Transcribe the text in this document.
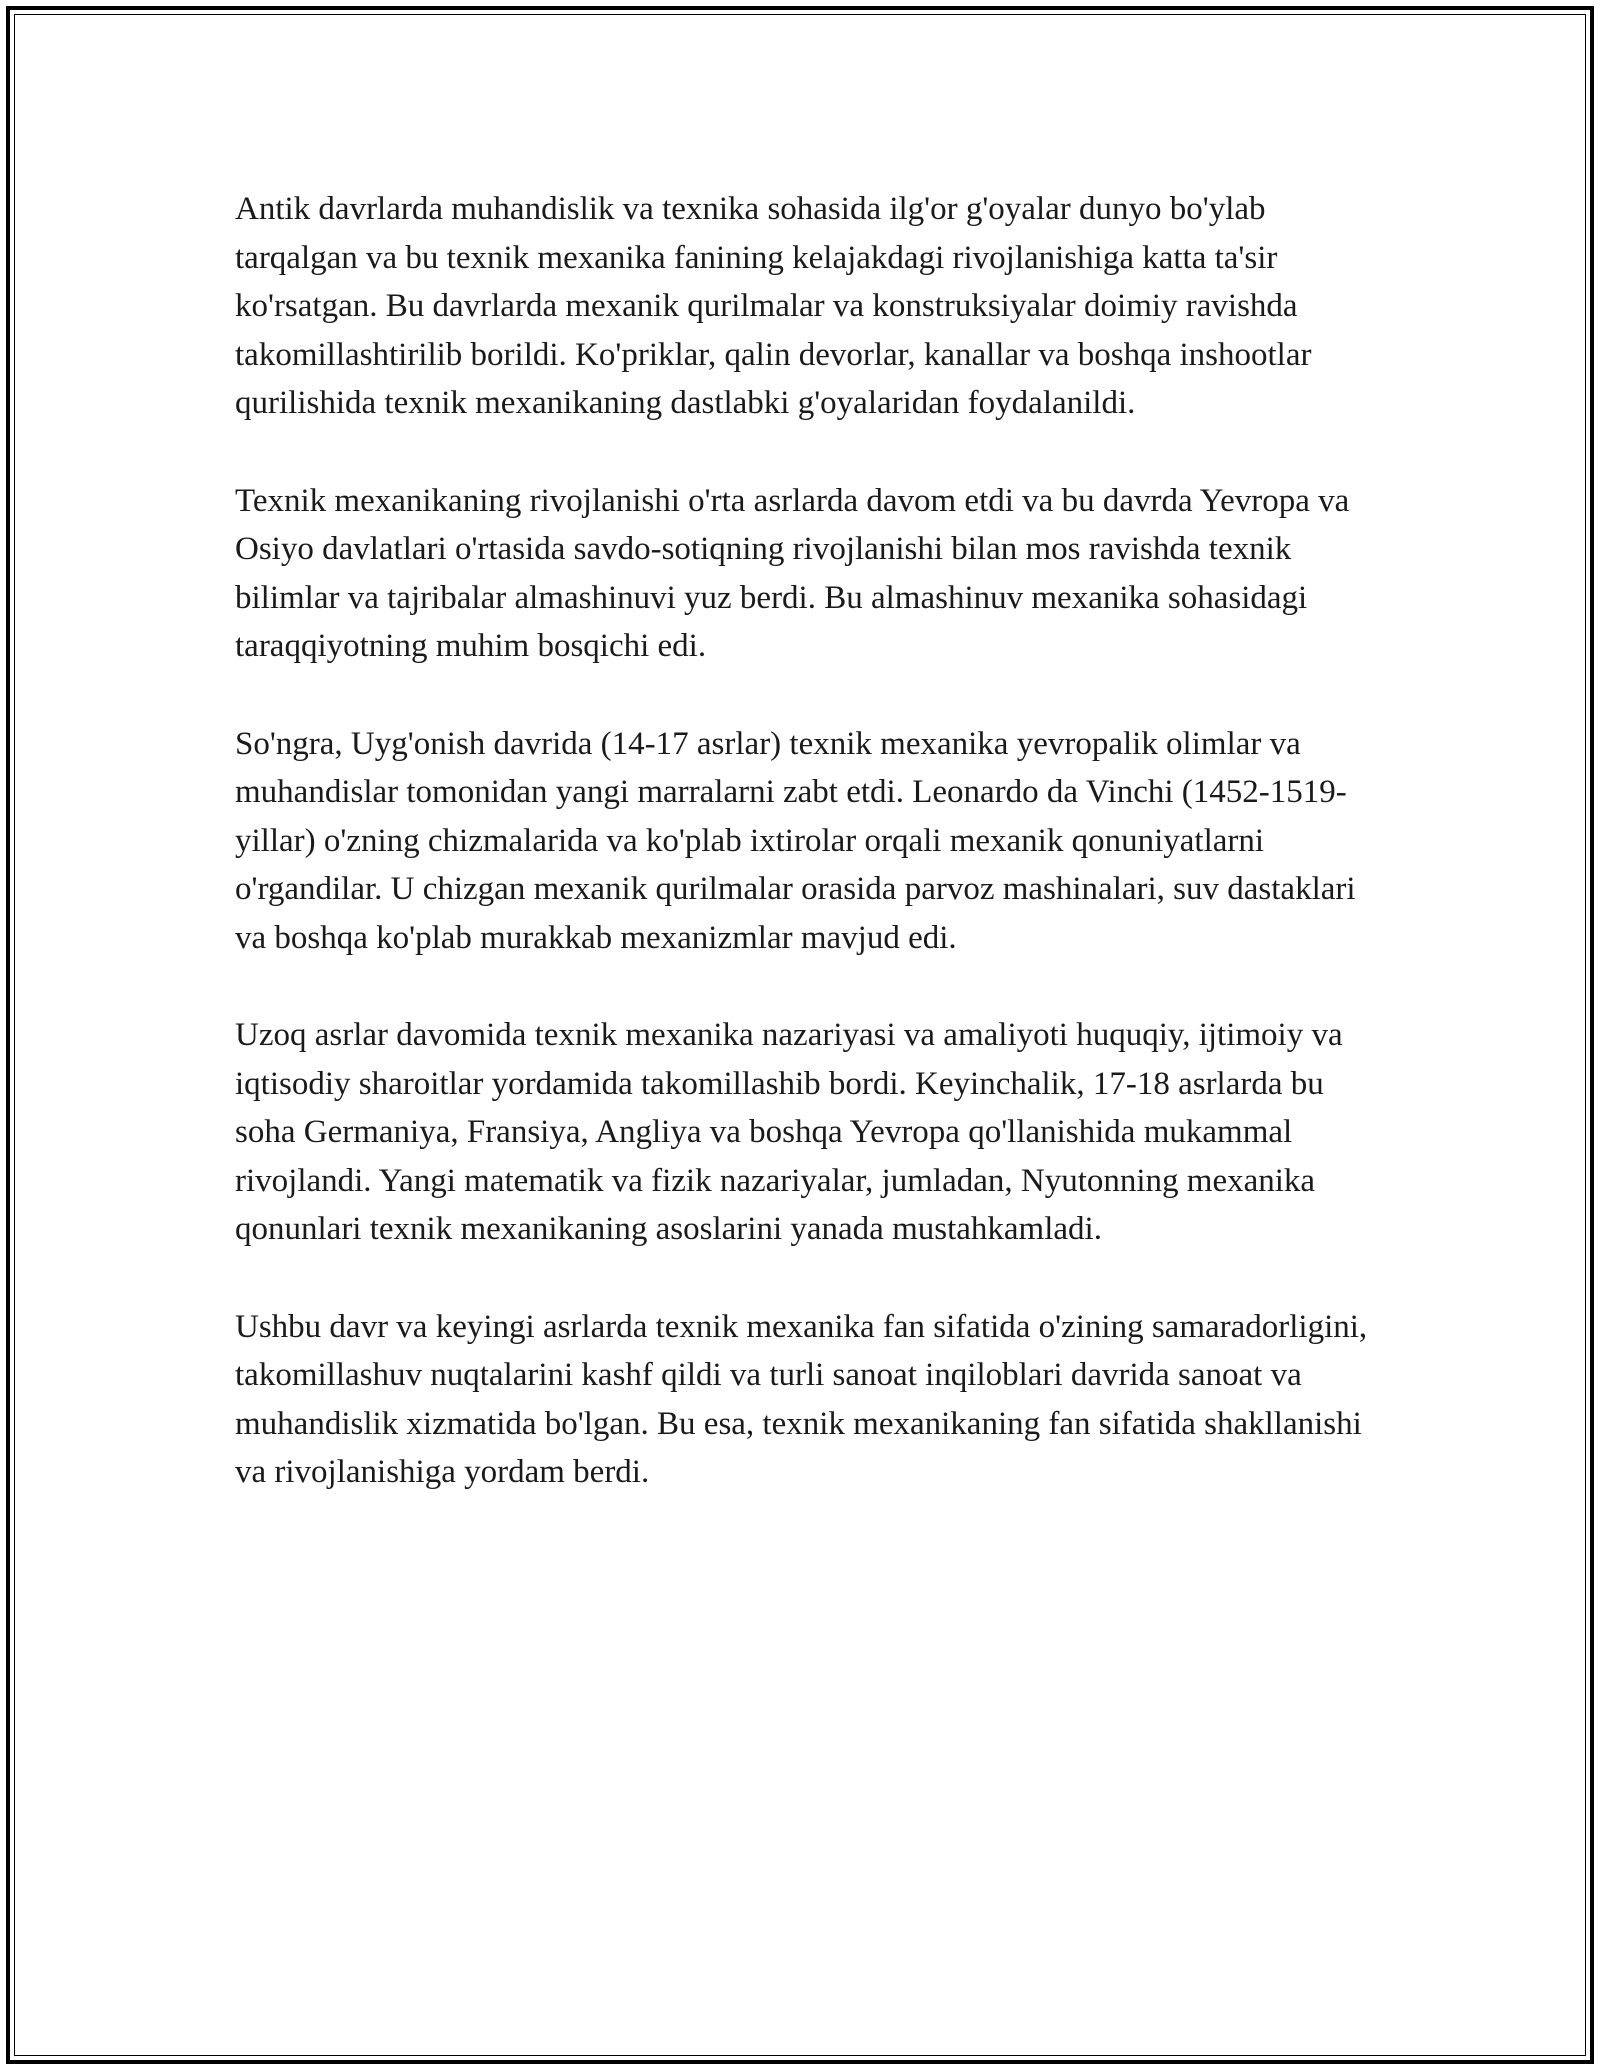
Antik davrlarda muhandislik va texnika sohasida ilg'or g'oyalar dunyo bo'ylab tarqalgan va bu texnik mexanika fanining kelajakdagi rivojlanishiga katta ta'sir ko'rsatgan. Bu davrlarda mexanik qurilmalar va konstruksiyalar doimiy ravishda takomillashtirilib borildi. Ko'priklar, qalin devorlar, kanallar va boshqa inshootlar qurilishida texnik mexanikaning dastlabki g'oyalaridan foydalanildi.

Texnik mexanikaning rivojlanishi o'rta asrlarda davom etdi va bu davrda Yevropa va Osiyo davlatlari o'rtasida savdo-sotiqning rivojlanishi bilan mos ravishda texnik bilimlar va tajribalar almashinuvi yuz berdi. Bu almashinuv mexanika sohasidagi taraqqiyotning muhim bosqichi edi.

So'ngra, Uyg'onish davrida (14-17 asrlar) texnik mexanika yevropalik olimlar va muhandislar tomonidan yangi marralarni zabt etdi. Leonardo da Vinchi (1452-1519-yillar) o'zning chizmalarida va ko'plab ixtirolar orqali mexanik qonuniyatlarni o'rgandilar. U chizgan mexanik qurilmalar orasida parvoz mashinalari, suv dastaklari va boshqa ko'plab murakkab mexanizmlar mavjud edi.

Uzoq asrlar davomida texnik mexanika nazariyasi va amaliyoti huquqiy, ijtimoiy va iqtisodiy sharoitlar yordamida takomillashib bordi. Keyinchalik, 17-18 asrlarda bu soha Germaniya, Fransiya, Angliya va boshqa Yevropa qo'llanishida mukammal rivojlandi. Yangi matematik va fizik nazariyalar, jumladan, Nyutonning mexanika qonunlari texnik mexanikaning asoslarini yanada mustahkamladi.

Ushbu davr va keyingi asrlarda texnik mexanika fan sifatida o'zining samaradorligini, takomillashuv nuqtalarini kashf qildi va turli sanoat inqiloblari davrida sanoat va muhandislik xizmatida bo'lgan. Bu esa, texnik mexanikaning fan sifatida shakllanishi va rivojlanishiga yordam berdi.
